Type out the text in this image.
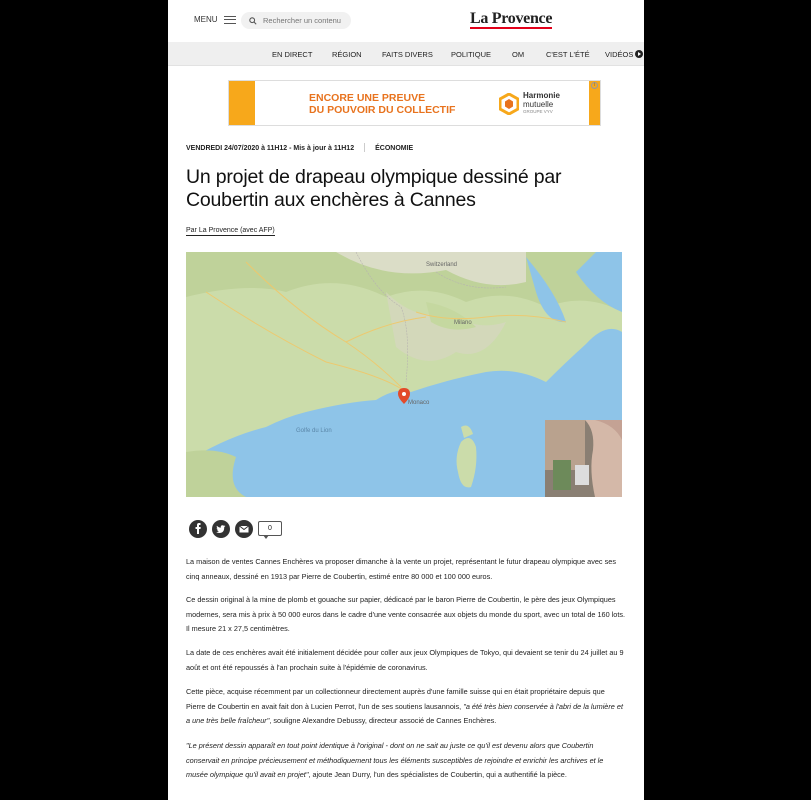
MENU
Rechercher un contenu	La Provence
EN DIRECT	RÉGION	FAITS DIVERS POLITIQUE	OM	C'EST L'ÉTÉ VIDÉOS
ENCORE UNE PREUVE
DU POUVOIR DU COLLECTIF
Harmonie
mutuelle
GROUPE VYV
i
VENDREDI 24/07/2020 à 11H12 - Mis à jour à 11H12	ÉCONOMIE
Un projet de drapeau olympique dessiné par Coubertin aux enchères à Cannes
Par La Provence (avec AFP)
Switzerland
Milano
Golfe du Lion
Monaco
0

La maison de ventes Cannes Enchères va proposer dimanche à la vente un projet, représentant le futur drapeau olympique avec ses cinq anneaux, dessiné en 1913 par Pierre de Coubertin, estimé entre 80 000 et 100 000 euros.

Ce dessin original à la mine de plomb et gouache sur papier, dédicacé par le baron Pierre de Coubertin, le père des jeux Olympiques modernes, sera mis à prix à 50 000 euros dans le cadre d'une vente consacrée aux objets du monde du sport, avec un total de 160 lots. Il mesure 21 x 27,5 centimètres.

La date de ces enchères avait été initialement décidée pour coller aux jeux Olympiques de Tokyo, qui devaient se tenir du 24 juillet au 9 août et ont été repoussés à l'an prochain suite à l'épidémie de coronavirus.

Cette pièce, acquise récemment par un collectionneur directement auprès d'une famille suisse qui en était propriétaire depuis que Pierre de Coubertin en avait fait don à Lucien Perrot, l'un de ses soutiens lausannois, "a été très bien conservée à l'abri de la lumière et a une très belle fraîcheur", souligne Alexandre Debussy, directeur associé de Cannes Enchères.

"Le présent dessin apparaît en tout point identique à l'original - dont on ne sait au juste ce qu'il est devenu alors que Coubertin conservait en principe précieusement et méthodiquement tous les éléments susceptibles de rejoindre et enrichir les archives et le musée olympique qu'il avait en projet", ajoute Jean Durry, l'un des spécialistes de Coubertin, qui a authentifié la pièce.
